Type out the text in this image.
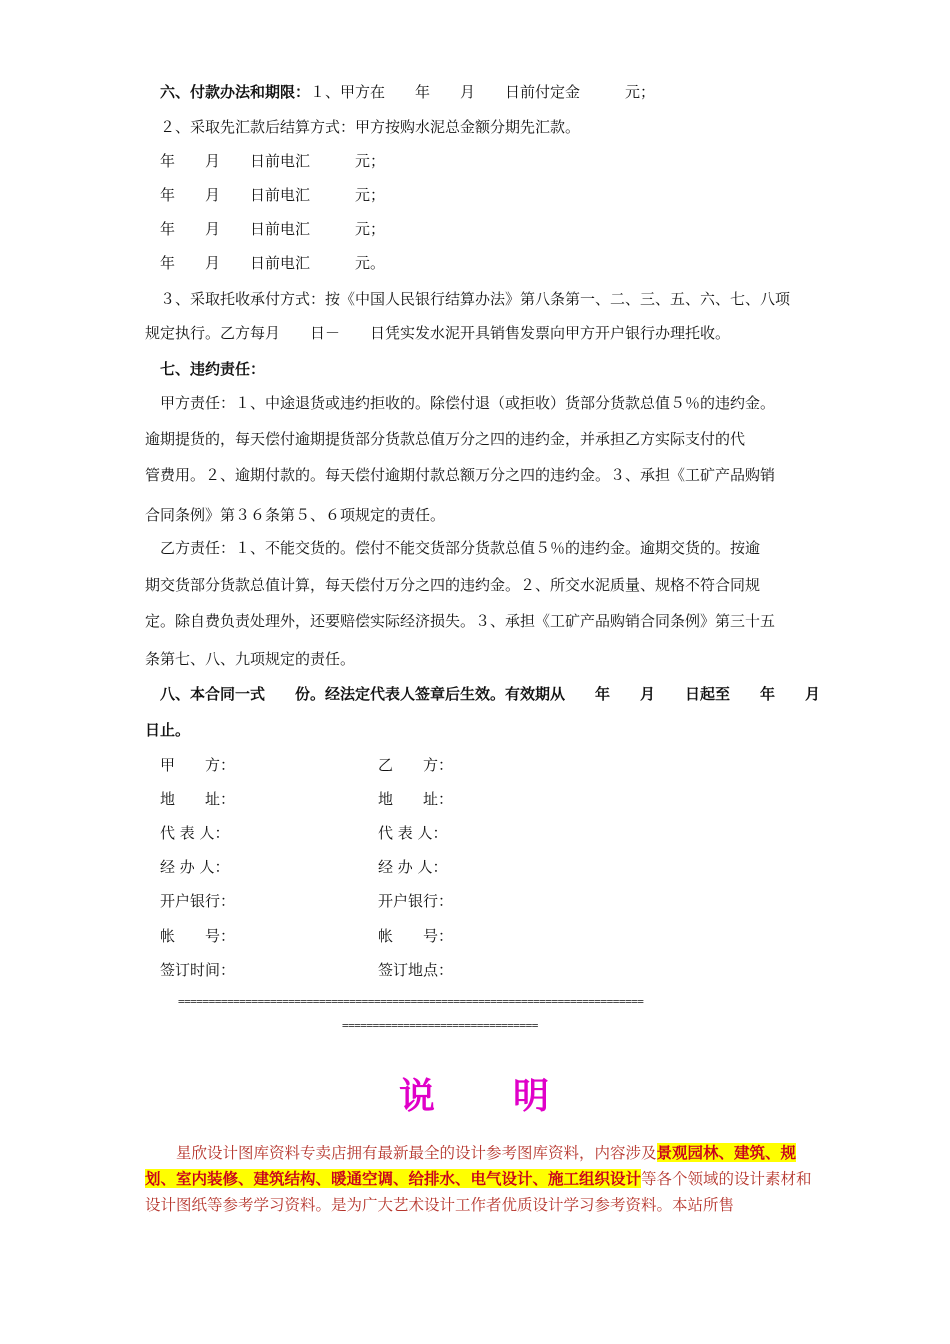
六、付款办法和期限：１、甲方在　　年　　月　　日前付定金　　　元；
２、采取先汇款后结算方式：甲方按购水泥总金额分期先汇款。
年　　月　　日前电汇　　　元；
年　　月　　日前电汇　　　元；
年　　月　　日前电汇　　　元；
年　　月　　日前电汇　　　元。
３、采取托收承付方式：按《中国人民银行结算办法》第八条第一、二、三、五、六、七、八项
规定执行。乙方每月　　日－　　日凭实发水泥开具销售发票向甲方开户银行办理托收。
七、违约责任：
甲方责任：１、中途退货或违约拒收的。除偿付退（或拒收）货部分货款总值５％的违约金。
逾期提货的，每天偿付逾期提货部分货款总值万分之四的违约金，并承担乙方实际支付的代
管费用。２、逾期付款的。每天偿付逾期付款总额万分之四的违约金。３、承担《工矿产品购销
合同条例》第３６条第５、６项规定的责任。
乙方责任：１、不能交货的。偿付不能交货部分货款总值５％的违约金。逾期交货的。按逾
期交货部分货款总值计算，每天偿付万分之四的违约金。２、所交水泥质量、规格不符合同规
定。除自费负责处理外，还要赔偿实际经济损失。３、承担《工矿产品购销合同条例》第三十五
条第七、八、九项规定的责任。
八、本合同一式　　份。经法定代表人签章后生效。有效期从　　年　　月　　日起至　　年　　月
日止。
甲　　方：
地　　址：
代 表 人：
经 办 人：
开户银行：
帐　　号：
签订时间：
乙　　方：
地　　址：
代 表 人：
经 办 人：
开户银行：
帐　　号：
签订地点：
============================================================================
================================
说　　明
星欣设计图库资料专卖店拥有最新最全的设计参考图库资料，内容涉及景观园林、建筑、规划、室内装修、建筑结构、暖通空调、给排水、电气设计、施工组织设计等各个领域的设计素材和设计图纸等参考学习资料。是为广大艺术设计工作者优质设计学习参考资料。本站所售
